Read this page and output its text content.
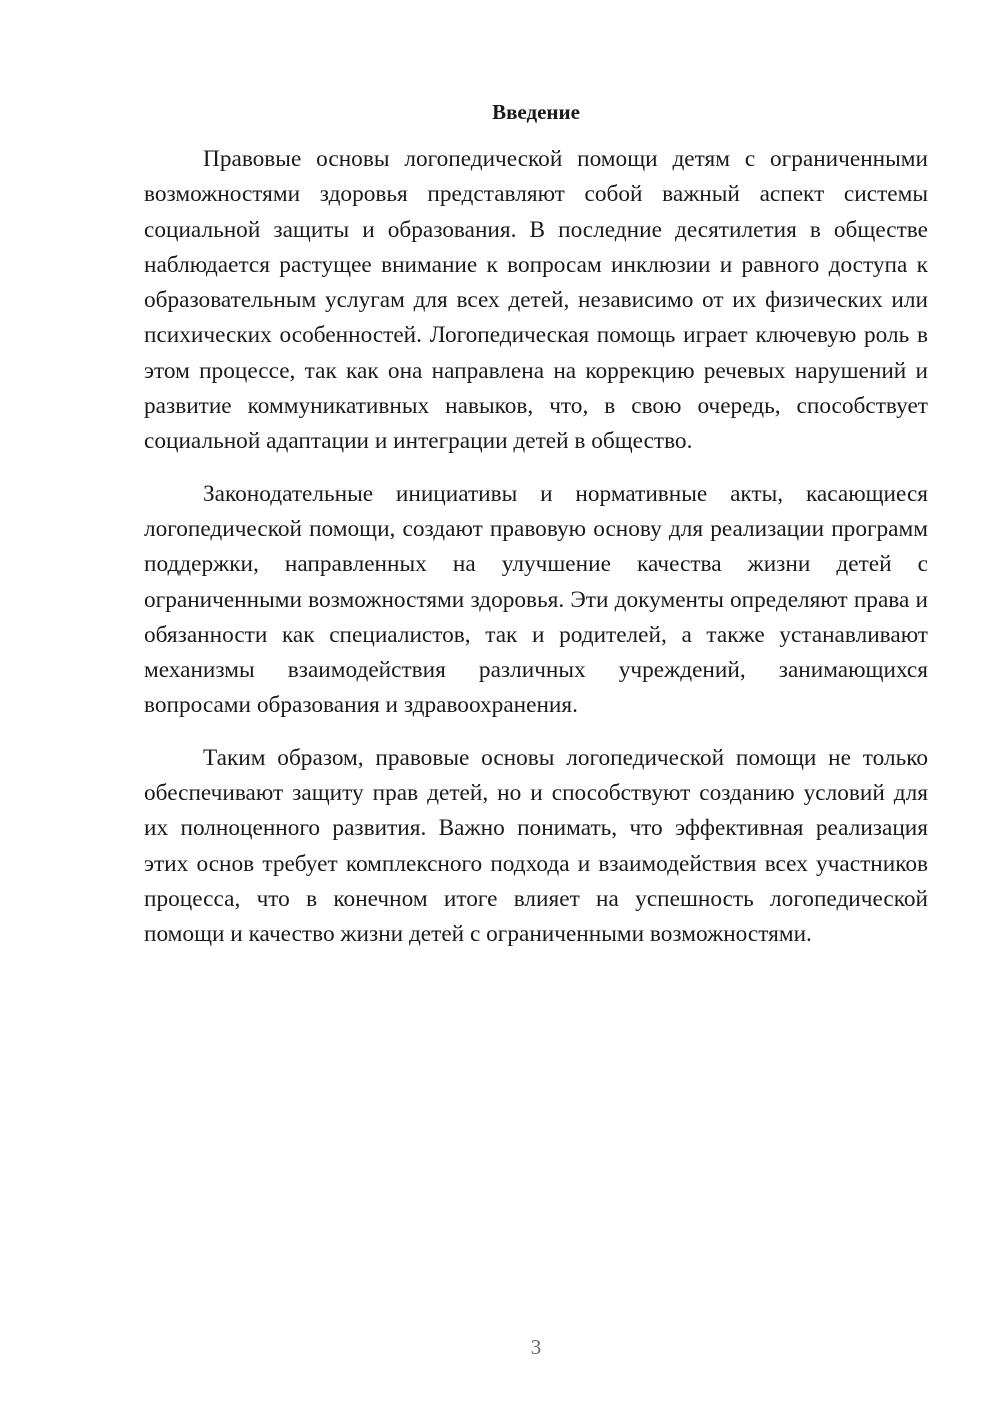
Введение

Правовые основы логопедической помощи детям с ограниченными возможностями здоровья представляют собой важный аспект системы социальной защиты и образования. В последние десятилетия в обществе наблюдается растущее внимание к вопросам инклюзии и равного доступа к образовательным услугам для всех детей, независимо от их физических или психических особенностей. Логопедическая помощь играет ключевую роль в этом процессе, так как она направлена на коррекцию речевых нарушений и развитие коммуникативных навыков, что, в свою очередь, способствует социальной адаптации и интеграции детей в общество.

Законодательные инициативы и нормативные акты, касающиеся логопедической помощи, создают правовую основу для реализации программ поддержки, направленных на улучшение качества жизни детей с ограниченными возможностями здоровья. Эти документы определяют права и обязанности как специалистов, так и родителей, а также устанавливают механизмы взаимодействия различных учреждений, занимающихся вопросами образования и здравоохранения.

Таким образом, правовые основы логопедической помощи не только обеспечивают защиту прав детей, но и способствуют созданию условий для их полноценного развития. Важно понимать, что эффективная реализация этих основ требует комплексного подхода и взаимодействия всех участников процесса, что в конечном итоге влияет на успешность логопедической помощи и качество жизни детей с ограниченными возможностями.

3
